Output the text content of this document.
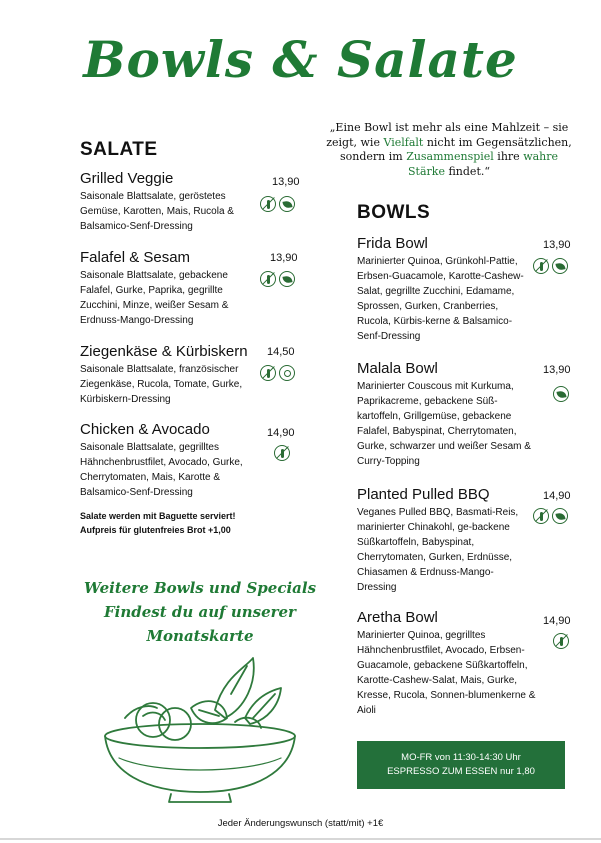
Bowls & Salate
„Eine Bowl ist mehr als eine Mahlzeit – sie zeigt, wie Vielfalt nicht im Gegensätzlichen, sondern im Zusammenspiel ihre wahre Stärke findet.“
SALATE
Grilled Veggie
Saisonale Blattsalate, geröstetes Gemüse, Karotten, Mais, Rucola & Balsamico-Senf-Dressing
13,90
Falafel & Sesam
Saisonale Blattsalate, gebackene Falafel, Gurke, Paprika, gegrillte Zucchini, Minze, weißer Sesam & Erdnuss-Mango-Dressing
13,90
Ziegenkäse & Kürbiskern
Saisonale Blattsalate, französischer Ziegenkäse, Rucola, Tomate, Gurke, Kürbiskern-Dressing
14,50
Chicken & Avocado
Saisonale Blattsalate, gegrilltes Hähnchenbrustfilet, Avocado, Gurke, Cherrytomaten, Mais, Karotte & Balsamico-Senf-Dressing
14,90
Salate werden mit Baguette serviert!
Aufpreis für glutenfreies Brot +1,00
BOWLS
Frida Bowl
Marinierter Quinoa, Grünkohl-Pattie, Erbsen-Guacamole, Karotte-Cashew-Salat, gegrillte Zucchini, Edamame, Sprossen, Gurken, Cranberries, Rucola, Kürbis-kerne & Balsamico-Senf-Dressing
13,90
Malala Bowl
Marinierter Couscous mit Kurkuma, Paprikacreme, gebackene Süß-kartoffeln, Grillgemüse, gebackene Falafel, Babyspinat, Cherrytomaten, Gurke, schwarzer und weißer Sesam & Curry-Topping
13,90
Planted Pulled BBQ
Veganes Pulled BBQ, Basmati-Reis, marinierter Chinakohl, ge-backene Süßkartoffeln, Babyspinat, Cherrytomaten, Gurken, Erdnüsse, Chiasamen & Erdnuss-Mango-Dressing
14,90
Aretha Bowl
Marinierter Quinoa, gegrilltes Hähnchenbrustfilet, Avocado, Erbsen-Guacamole, gebackene Süßkartoffeln, Karotte-Cashew-Salat, Mais, Gurke, Kresse, Rucola, Sonnen-blumenkerne & Aioli
14,90
Weitere Bowls und Specials
Findest du auf unserer
Monatskarte
MO-FR von 11:30-14:30 Uhr
ESPRESSO ZUM ESSEN nur 1,80
Jeder Änderungswunsch (statt/mit) +1€
